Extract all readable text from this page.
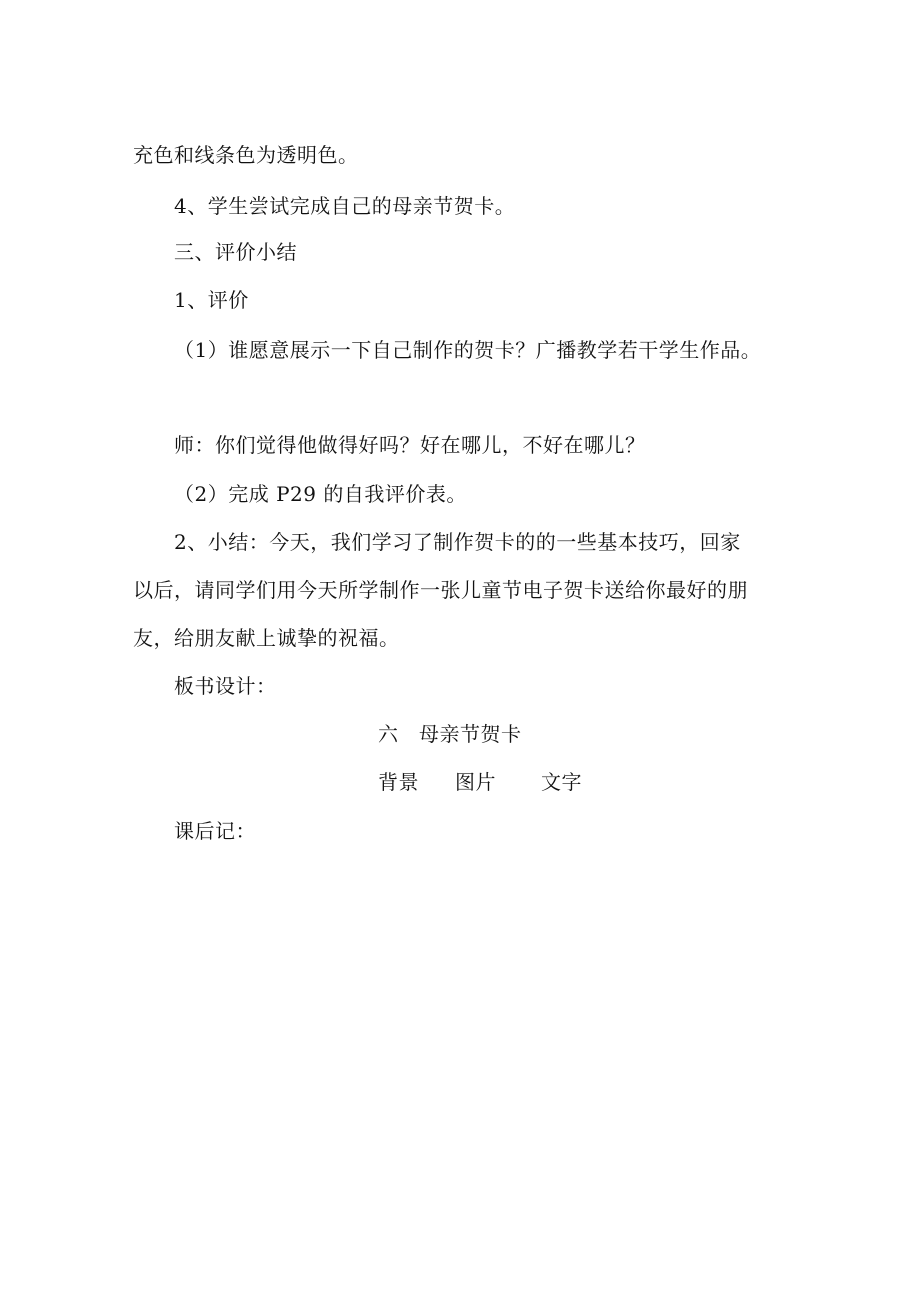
充色和线条色为透明色。
4、学生尝试完成自己的母亲节贺卡。
三、评价小结
1、评价
（1）谁愿意展示一下自己制作的贺卡？广播教学若干学生作品。
师：你们觉得他做得好吗？好在哪儿，不好在哪儿？
（2）完成 P29 的自我评价表。
2、小结：今天，我们学习了制作贺卡的的一些基本技巧，回家
以后，请同学们用今天所学制作一张儿童节电子贺卡送给你最好的朋
友，给朋友献上诚挚的祝福。
板书设计：
六　母亲节贺卡
背景 图片 文字
课后记：
